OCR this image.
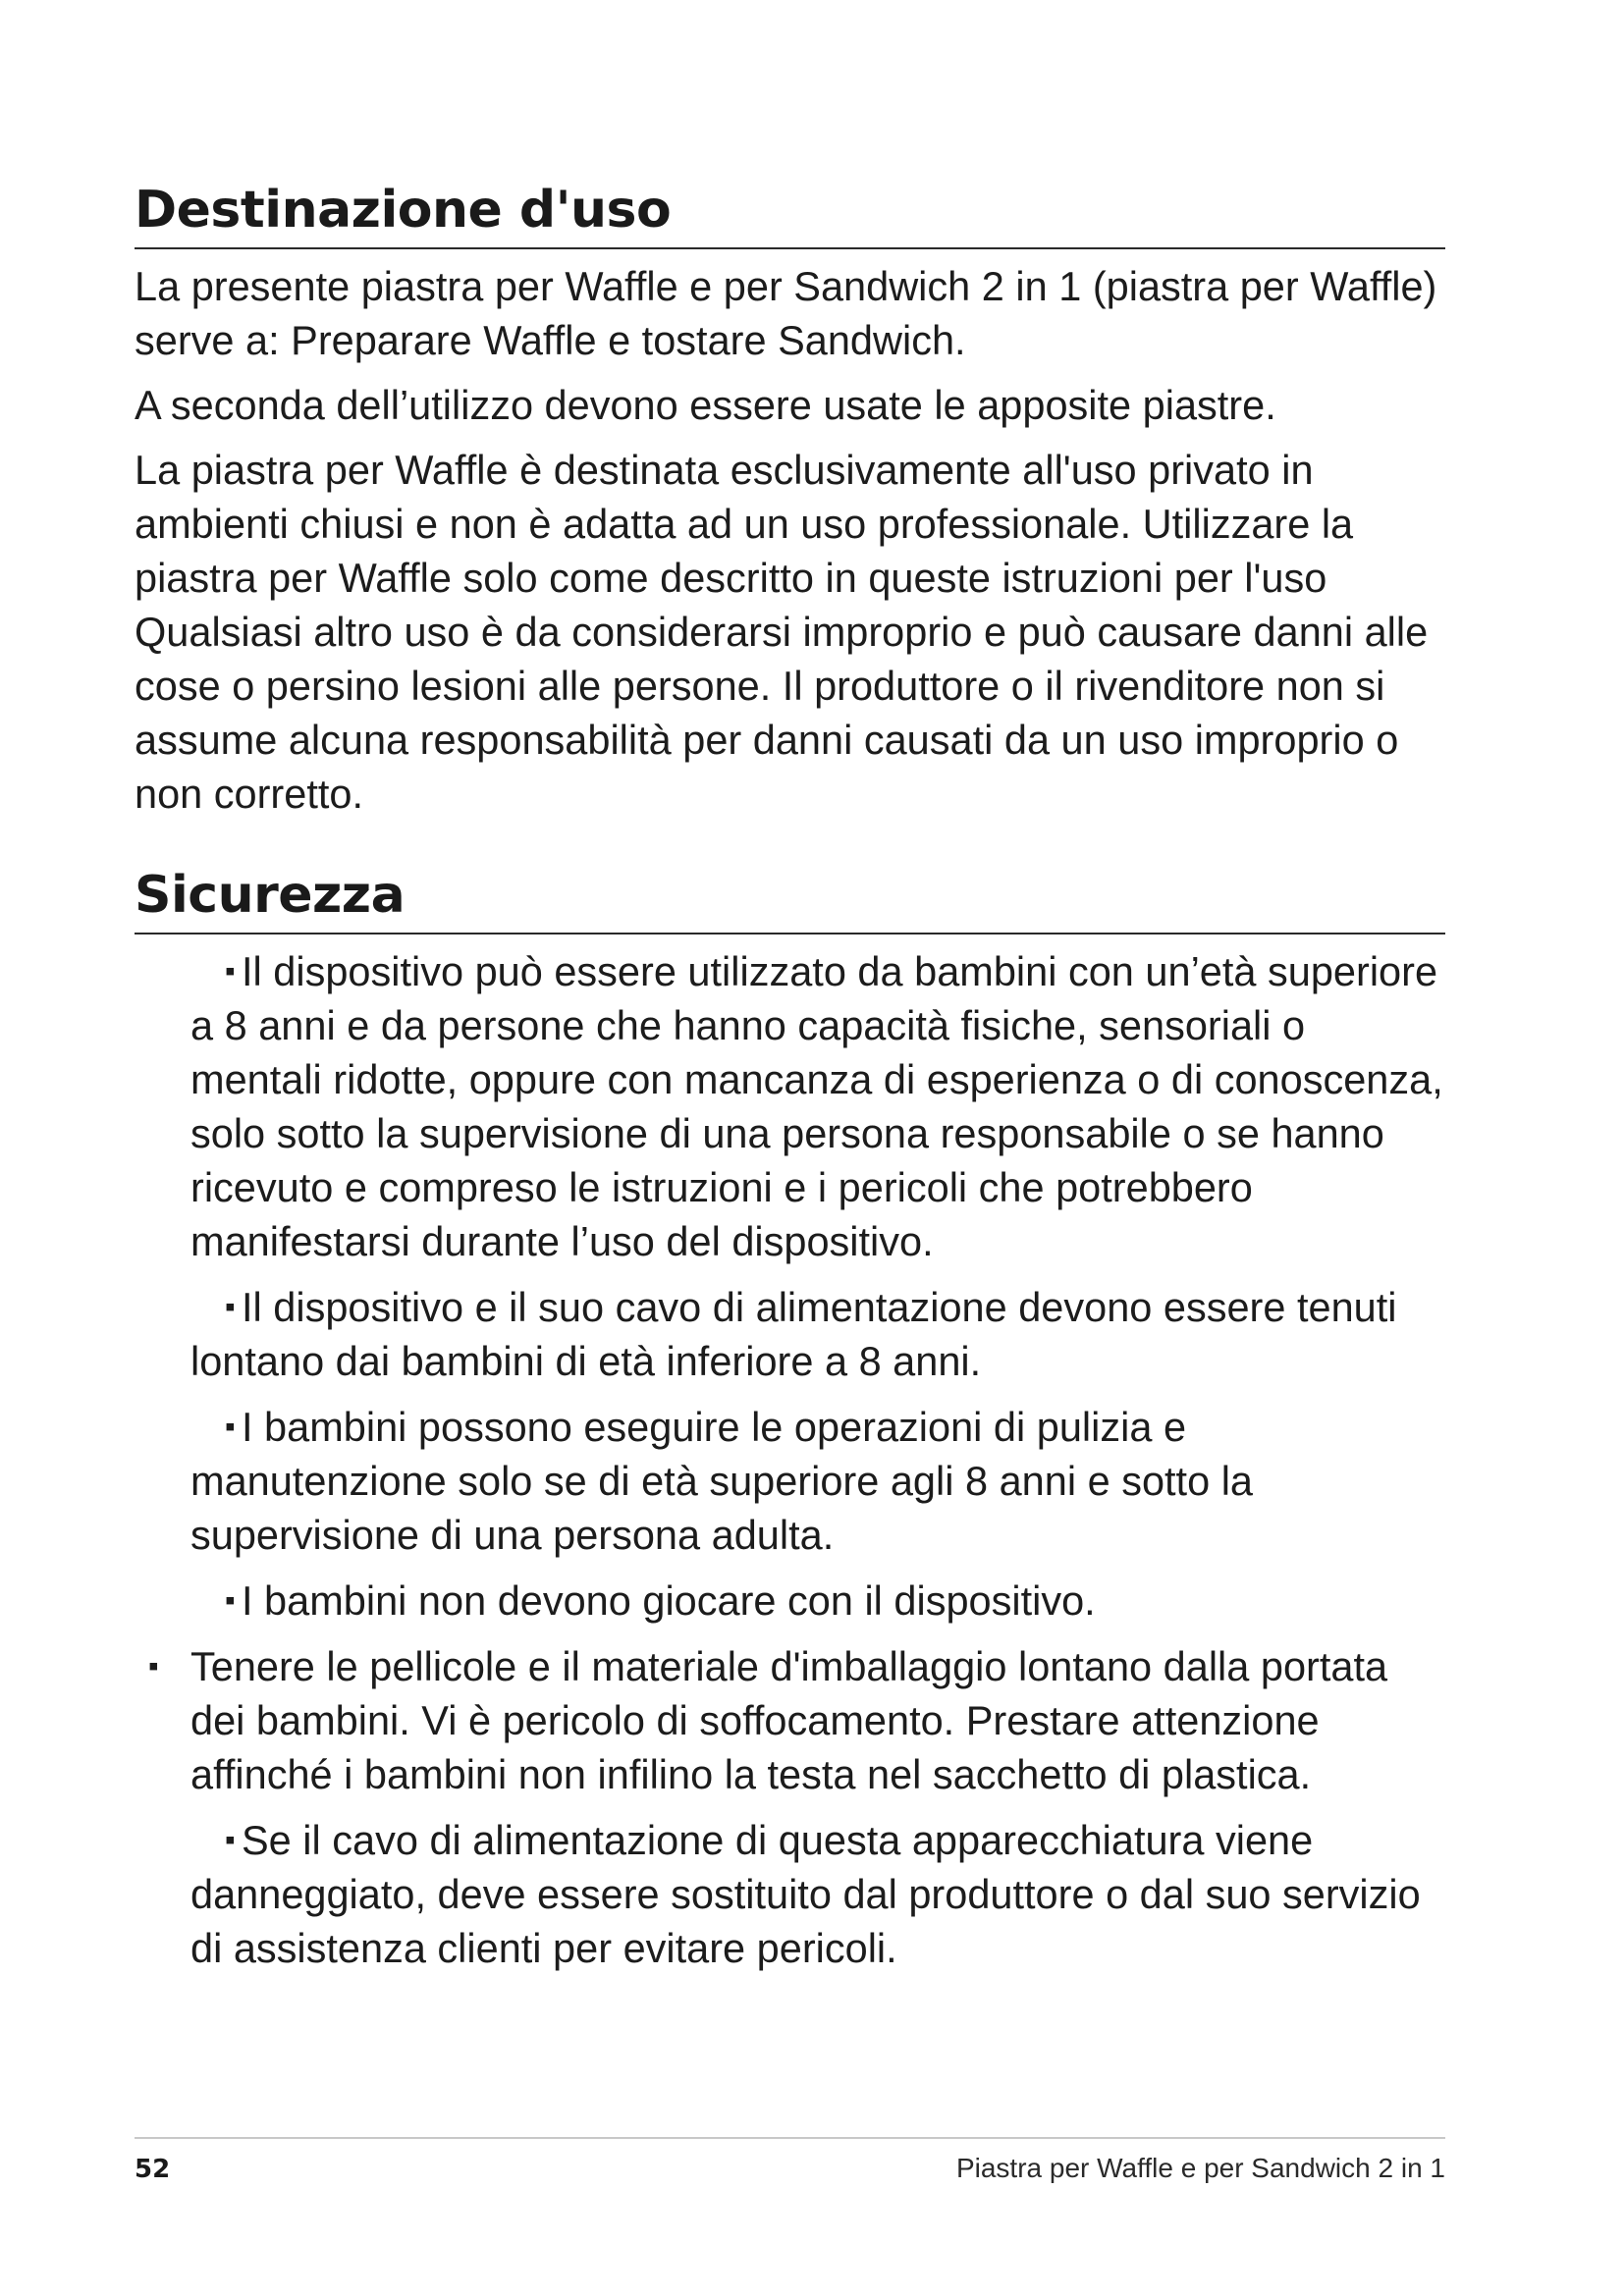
Destinazione d'uso

La presente piastra per Waffle e per Sandwich 2 in 1 (piastra per Waffle) serve a: Preparare Waffle e tostare Sandwich.

A seconda dell’utilizzo devono essere usate le apposite piastre.

La piastra per Waffle è destinata esclusivamente all'uso privato in ambienti chiusi e non è adatta ad un uso professionale. Utilizzare la piastra per Waffle solo come descritto in queste istruzioni per l'uso Qualsiasi altro uso è da considerarsi improprio e può causare danni alle cose o persino lesioni alle persone. Il produttore o il rivenditore non si assume alcuna responsabilità per danni causati da un uso improprio o non corretto.

Sicurezza
▪ Il dispositivo può essere utilizzato da bambini con un’età superiore a 8 anni e da persone che hanno capacità fisiche, sensoriali o mentali ridotte, oppure con mancanza di esperienza o di conoscenza, solo sotto la supervisione di una persona responsabile o se hanno ricevuto e compreso le istruzioni e i pericoli che potrebbero manifestarsi durante l’uso del dispositivo.
▪ Il dispositivo e il suo cavo di alimentazione devono essere tenuti lontano dai bambini di età inferiore a 8 anni.
▪ I bambini possono eseguire le operazioni di pulizia e manutenzione solo se di età superiore agli 8 anni e sotto la supervisione di una persona adulta.
▪ I bambini non devono giocare con il dispositivo.
▪ Tenere le pellicole e il materiale d'imballaggio lontano dalla portata dei bambini. Vi è pericolo di soffocamento. Prestare attenzione affinché i bambini non infilino la testa nel sacchetto di plastica.
▪ Se il cavo di alimentazione di questa apparecchiatura viene danneggiato, deve essere sostituito dal produttore o dal suo servizio di assistenza clienti per evitare pericoli.
52	Piastra per Waffle e per Sandwich 2 in 1
